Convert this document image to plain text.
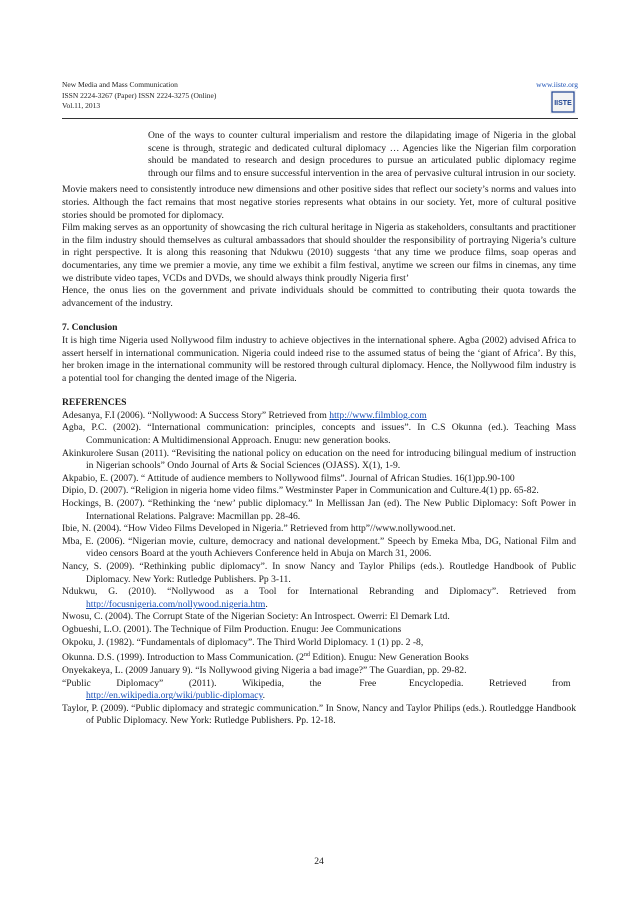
New Media and Mass Communication
ISSN 2224-3267 (Paper) ISSN 2224-3275 (Online)
Vol.11, 2013
www.iiste.org
IISTE

One of the ways to counter cultural imperialism and restore the dilapidating image of Nigeria in the global scene is through, strategic and dedicated cultural diplomacy … Agencies like the Nigerian film corporation should be mandated to research and design procedures to pursue an articulated public diplomacy regime through our films and to ensure successful intervention in the area of pervasive cultural intrusion in our society.

Movie makers need to consistently introduce new dimensions and other positive sides that reflect our society’s norms and values into stories. Although the fact remains that most negative stories represents what obtains in our society. Yet, more of cultural positive stories should be promoted for diplomacy.

Film making serves as an opportunity of showcasing the rich cultural heritage in Nigeria as stakeholders, consultants and practitioner in the film industry should themselves as cultural ambassadors that should shoulder the responsibility of portraying Nigeria’s culture in right perspective. It is along this reasoning that Ndukwu (2010) suggests ‘that any time we produce films, soap operas and documentaries, any time we premier a movie, any time we exhibit a film festival, anytime we screen our films in cinemas, any time we distribute video tapes, VCDs and DVDs, we should always think proudly Nigeria first’

Hence, the onus lies on the government and private individuals should be committed to contributing their quota towards the advancement of the industry.

7. Conclusion

It is high time Nigeria used Nollywood film industry to achieve objectives in the international sphere. Agba (2002) advised Africa to assert herself in international communication. Nigeria could indeed rise to the assumed status of being the ‘giant of Africa’. By this, her broken image in the international community will be restored through cultural diplomacy. Hence, the Nollywood film industry is a potential tool for changing the dented image of the Nigeria.

REFERENCES

Adesanya, F.I (2006). “Nollywood: A Success Story” Retrieved from http://www.filmblog.com

Agba, P.C. (2002). “International communication: principles, concepts and issues”. In C.S Okunna (ed.). Teaching Mass Communication: A Multidimensional Approach. Enugu: new generation books.

Akinkurolere Susan (2011). “Revisiting the national policy on education on the need for introducing bilingual medium of instruction in Nigerian schools” Ondo Journal of Arts & Social Sciences (OJASS). X(1), 1-9.

Akpabio, E. (2007). “ Attitude of audience members to Nollywood films”. Journal of African Studies. 16(1)pp.90-100

Dipio, D. (2007). “Religion in nigeria home video films.” Westminster Paper in Communication and Culture.4(1) pp. 65-82.

Hockings, B. (2007). “Rethinking the ‘new’ public diplomacy.” In Mellissan Jan (ed). The New Public Diplomacy: Soft Power in International Relations. Palgrave: Macmillan pp. 28-46.

Ibie, N. (2004). “How Video Films Developed in Nigeria.” Retrieved from http”//www.nollywood.net.

Mba, E. (2006). “Nigerian movie, culture, democracy and national development.” Speech by Emeka Mba, DG, National Film and video censors Board at the youth Achievers Conference held in Abuja on March 31, 2006.

Nancy, S. (2009). “Rethinking public diplomacy”. In snow Nancy and Taylor Philips (eds.). Routledge Handbook of Public Diplomacy. New York: Rutledge Publishers. Pp 3-11.

Ndukwu, G. (2010). “Nollywood as a Tool for International Rebranding and Diplomacy”. Retrieved from http://focusnigeria.com/nollywood.nigeria.htm.

Nwosu, C. (2004). The Corrupt State of the Nigerian Society: An Introspect. Owerri: El Demark Ltd.

Ogbueshi, L.O. (2001). The Technique of Film Production. Enugu: Jee Communications

Okpoku, J. (1982). “Fundamentals of diplomacy”. The Third World Diplomacy. 1 (1) pp. 2 -8,

Okunna. D.S. (1999). Introduction to Mass Communication. (2nd Edition). Enugu: New Generation Books

Onyekakeya, L. (2009 January 9). “Is Nollywood giving Nigeria a bad image?” The Guardian, pp. 29-82.

“Public	Diplomacy”	(2011).	Wikipedia,	the	Free	Encyclopedia.	Retrieved	from
http://en.wikipedia.org/wiki/public-diplomacy.

Taylor, P. (2009). “Public diplomacy and strategic communication.” In Snow, Nancy and Taylor Philips (eds.). Routledgge Handbook of Public Diplomacy. New York: Rutledge Publishers. Pp. 12-18.

24
